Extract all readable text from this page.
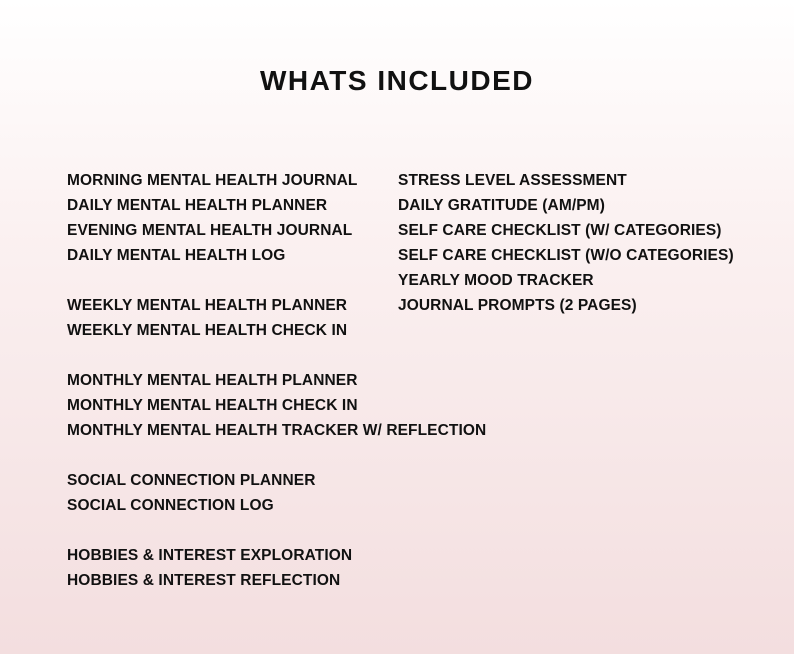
WHATS INCLUDED
MORNING MENTAL HEALTH JOURNAL
DAILY MENTAL HEALTH PLANNER
EVENING MENTAL HEALTH JOURNAL
DAILY MENTAL HEALTH LOG
WEEKLY MENTAL HEALTH PLANNER
WEEKLY MENTAL HEALTH CHECK IN
MONTHLY MENTAL HEALTH PLANNER
MONTHLY MENTAL HEALTH CHECK IN
MONTHLY MENTAL HEALTH TRACKER W/ REFLECTION
SOCIAL CONNECTION PLANNER
SOCIAL CONNECTION LOG
HOBBIES & INTEREST EXPLORATION
HOBBIES & INTEREST REFLECTION
STRESS LEVEL ASSESSMENT
DAILY GRATITUDE (AM/PM)
SELF CARE CHECKLIST (W/ CATEGORIES)
SELF CARE CHECKLIST (W/O CATEGORIES)
YEARLY MOOD TRACKER
JOURNAL PROMPTS (2 PAGES)
